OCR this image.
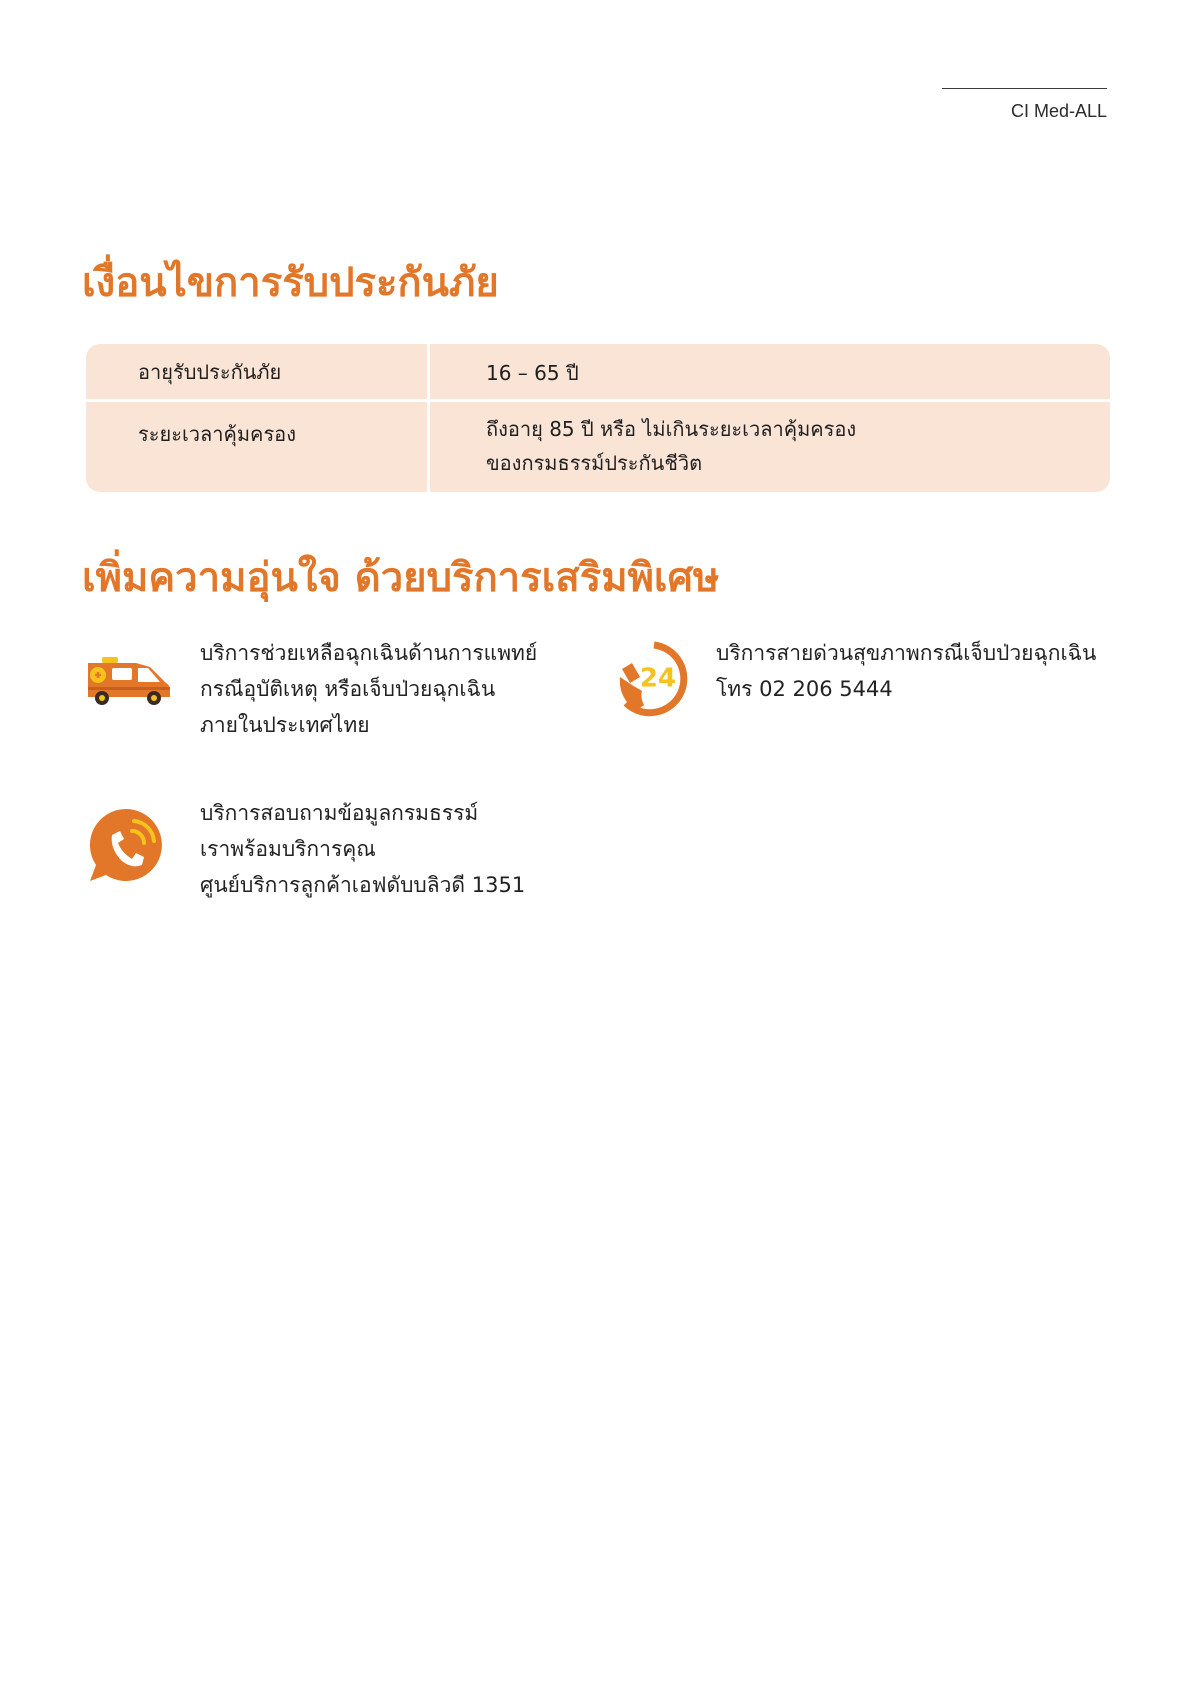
CI Med-ALL
เงื่อนไขการรับประกันภัย
อายุรับประกันภัย	16 – 65 ปี
ระยะเวลาคุ้มครอง	ถึงอายุ 85 ปี หรือ ไม่เกินระยะเวลาคุ้มครอง
ของกรมธรรม์ประกันชีวิต
เพิ่มความอุ่นใจ ด้วยบริการเสริมพิเศษ
บริการช่วยเหลือฉุกเฉินด้านการแพทย์
กรณีอุบัติเหตุ หรือเจ็บป่วยฉุกเฉิน
ภายในประเทศไทย
24
บริการสายด่วนสุขภาพกรณีเจ็บป่วยฉุกเฉิน
โทร 02 206 5444
บริการสอบถามข้อมูลกรมธรรม์
เราพร้อมบริการคุณ
ศูนย์บริการลูกค้าเอฟดับบลิวดี 1351
